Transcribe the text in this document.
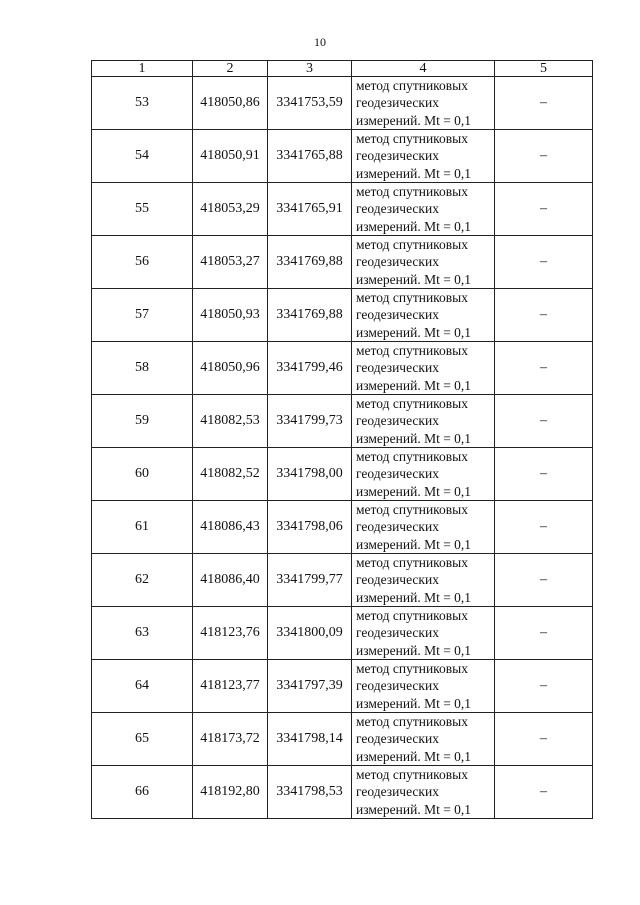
10
1	2	3	4	5
53	418050,86	3341753,59	метод спутниковых
геодезических
измерений. Mt = 0,1	–
54	418050,91	3341765,88	метод спутниковых
геодезических
измерений. Mt = 0,1	–
55	418053,29	3341765,91	метод спутниковых
геодезических
измерений. Mt = 0,1	–
56	418053,27	3341769,88	метод спутниковых
геодезических
измерений. Mt = 0,1	–
57	418050,93	3341769,88	метод спутниковых
геодезических
измерений. Mt = 0,1	–
58	418050,96	3341799,46	метод спутниковых
геодезических
измерений. Mt = 0,1	–
59	418082,53	3341799,73	метод спутниковых
геодезических
измерений. Mt = 0,1	–
60	418082,52	3341798,00	метод спутниковых
геодезических
измерений. Mt = 0,1	–
61	418086,43	3341798,06	метод спутниковых
геодезических
измерений. Mt = 0,1	–
62	418086,40	3341799,77	метод спутниковых
геодезических
измерений. Mt = 0,1	–
63	418123,76	3341800,09	метод спутниковых
геодезических
измерений. Mt = 0,1	–
64	418123,77	3341797,39	метод спутниковых
геодезических
измерений. Mt = 0,1	–
65	418173,72	3341798,14	метод спутниковых
геодезических
измерений. Mt = 0,1	–
66	418192,80	3341798,53	метод спутниковых
геодезических
измерений. Mt = 0,1	–
